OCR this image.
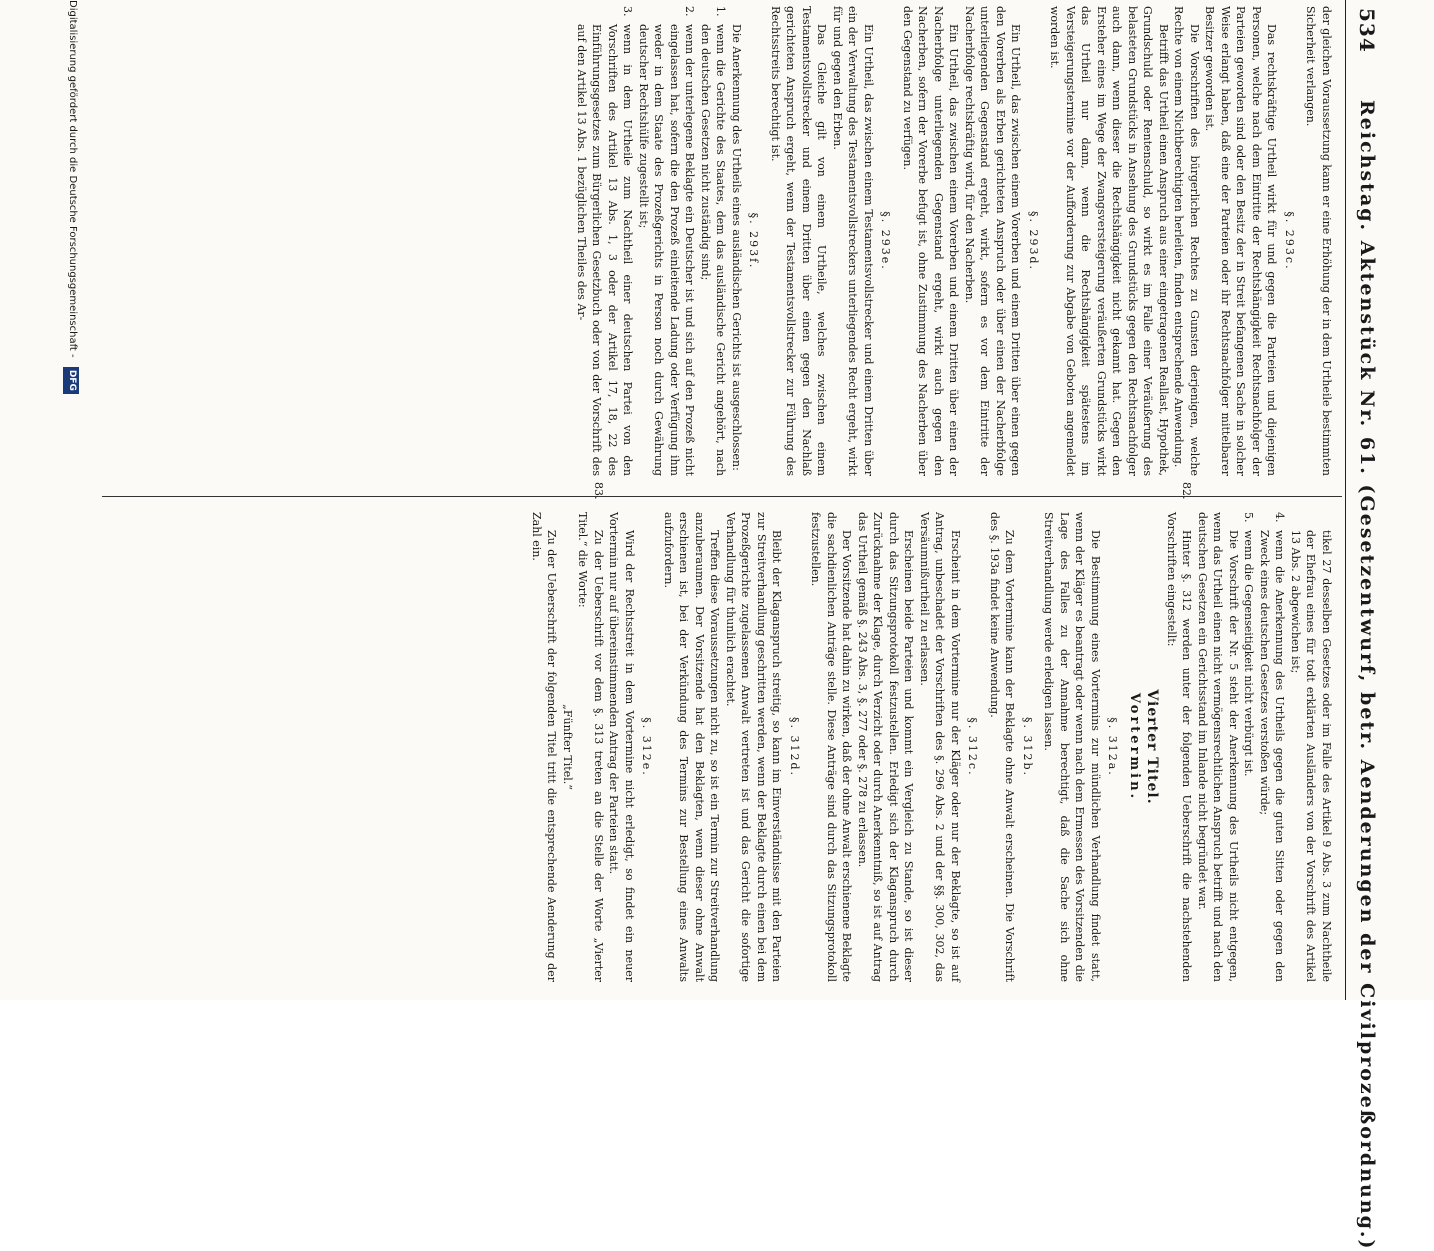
534
Reichstag. Aktenstück Nr. 61. (Gesetzentwurf, betr. Aenderungen der Civilprozeßordnung.)

der gleichen Voraussetzung kann er eine Erhöhung der in dem Urtheile bestimmten Sicherheit verlangen.

§. 293c.

Das rechtskräftige Urtheil wirkt für und gegen die Parteien und diejenigen Personen, welche nach dem Eintritte der Rechtshängigkeit Rechtsnachfolger der Parteien geworden sind oder den Besitz der in Streit befangenen Sache in solcher Weise erlangt haben, daß eine der Parteien oder ihr Rechtsnachfolger mittelbarer Besitzer geworden ist.

Die Vorschriften des bürgerlichen Rechtes zu Gunsten derjenigen, welche Rechte von einem Nichtberechtigten herleiten, finden entsprechende Anwendung.

Betrifft das Urtheil einen Anspruch aus einer eingetragenen Reallast, Hypothek, Grundschuld oder Rentenschuld, so wirkt es im Falle einer Veräußerung des belasteten Grundstücks in Ansehung des Grundstücks gegen den Rechtsnachfolger auch dann, wenn dieser die Rechtshängigkeit nicht gekannt hat. Gegen den Ersteher eines im Wege der Zwangsversteigerung veräußerten Grundstücks wirkt das Urtheil nur dann, wenn die Rechtshängigkeit spätestens im Versteigerungstermine vor der Aufforderung zur Abgabe von Geboten angemeldet worden ist.

§. 293d.

Ein Urtheil, das zwischen einem Vorerben und einem Dritten über einen gegen den Vorerben als Erben gerichteten Anspruch oder über einen der Nacherbfolge unterliegenden Gegenstand ergeht, wirkt, sofern es vor dem Eintritte der Nacherbfolge rechtskräftig wird, für den Nacherben.

Ein Urtheil, das zwischen einem Vorerben und einem Dritten über einen der Nacherbfolge unterliegenden Gegenstand ergeht, wirkt auch gegen den Nacherben, sofern der Vorerbe befugt ist, ohne Zustimmung des Nacherben über den Gegenstand zu verfügen.

§. 293e.

Ein Urtheil, das zwischen einem Testamentsvollstrecker und einem Dritten über ein der Verwaltung des Testamentsvollstreckers unterliegendes Recht ergeht, wirkt für und gegen den Erben.

Das Gleiche gilt von einem Urtheile, welches zwischen einem Testamentsvollstrecker und einem Dritten über einen gegen den Nachlaß gerichteten Anspruch ergeht, wenn der Testamentsvollstrecker zur Führung des Rechtsstreits berechtigt ist.

§. 293f.

Die Anerkennung des Urtheils eines ausländischen Gerichts ist ausgeschlossen:

1.wenn die Gerichte des Staates, dem das ausländische Gericht angehört, nach den deutschen Gesetzen nicht zuständig sind;

2.wenn der unterlegene Beklagte ein Deutscher ist und sich auf den Prozeß nicht eingelassen hat, sofern die den Prozeß einleitende Ladung oder Verfügung ihm weder in dem Staate des Prozeßgerichts in Person noch durch Gewährung deutscher Rechtshülfe zugestellt ist;

3.wenn in dem Urtheile zum Nachtheil einer deutschen Partei von den Vorschriften des Artikel 13 Abs. 1, 3 oder der Artikel 17, 18, 22 des Einführungsgesetzes zum Bürgerlichen Gesetzbuch oder von der Vorschrift des auf den Artikel 13 Abs. 1 bezüglichen Theiles des Ar-

tikel 27 desselben Gesetzes oder im Falle des Artikel 9 Abs. 3 zum Nachtheile der Ehefrau eines für todt erklärten Ausländers von der Vorschrift des Artikel 13 Abs. 2 abgewichen ist;

4.wenn die Anerkennung des Urtheils gegen die guten Sitten oder gegen den Zweck eines deutschen Gesetzes verstoßen würde;

5.wenn die Gegenseitigkeit nicht verbürgt ist.

Die Vorschrift der Nr. 5 steht der Anerkennung des Urtheils nicht entgegen, wenn das Urtheil einen nicht vermögensrechtlichen Anspruch betrifft und nach den deutschen Gesetzen ein Gerichtsstand im Inlande nicht begründet war.

82.

Hinter §. 312 werden unter der folgenden Ueberschrift die nachstehenden Vorschriften eingestellt:

Vierter Titel.
Vortermin.
§. 312a.

Die Bestimmung eines Vortermins zur mündlichen Verhandlung findet statt, wenn der Kläger es beantragt oder wenn nach dem Ermessen des Vorsitzenden die Lage des Falles zu der Annahme berechtigt, daß die Sache sich ohne Streitverhandlung werde erledigen lassen.

§. 312b.

Zu dem Vortermine kann der Beklagte ohne Anwalt erscheinen. Die Vorschrift des §. 193a findet keine Anwendung.

§. 312c.

Erscheint in dem Vortermine nur der Kläger oder nur der Beklagte, so ist auf Antrag, unbeschadet der Vorschriften des §. 296 Abs. 2 und der §§. 300, 302, das Versäumnißurtheil zu erlassen.

Erscheinen beide Parteien und kommt ein Vergleich zu Stande, so ist dieser durch das Sitzungsprotokoll festzustellen. Erledigt sich der Klaganspruch durch Zurücknahme der Klage, durch Verzicht oder durch Anerkenntniß, so ist auf Antrag das Urtheil gemäß §. 243 Abs. 3, §. 277 oder §. 278 zu erlassen.

Der Vorsitzende hat dahin zu wirken, daß der ohne Anwalt erschienene Beklagte die sachdienlichen Anträge stelle. Diese Anträge sind durch das Sitzungsprotokoll festzustellen.

§. 312d.

Bleibt der Klaganspruch streitig, so kann im Einverständnisse mit den Parteien zur Streitverhandlung geschritten werden, wenn der Beklagte durch einen bei dem Prozeßgerichte zugelassenen Anwalt vertreten ist und das Gericht die sofortige Verhandlung für thunlich erachtet.

Treffen diese Voraussetzungen nicht zu, so ist ein Termin zur Streitverhandlung anzuberaumen. Der Vorsitzende hat den Beklagten, wenn dieser ohne Anwalt erschienen ist, bei der Verkündung des Termins zur Bestellung eines Anwalts aufzufordern.

§. 312e.

Wird der Rechtsstreit in dem Vortermine nicht erledigt, so findet ein neuer Vortermin nur auf übereinstimmenden Antrag der Parteien statt.

83.

Zu der Ueberschrift vor dem §. 313 treten an die Stelle der Worte „Vierter Titel.“ die Worte:

„Fünfter Titel.“

Zu der Ueberschrift der folgenden Titel tritt die entsprechende Aenderung der Zahl ein.

Digitalisierung gefördert durch die Deutsche Forschungsgemeinschaft - DFG
